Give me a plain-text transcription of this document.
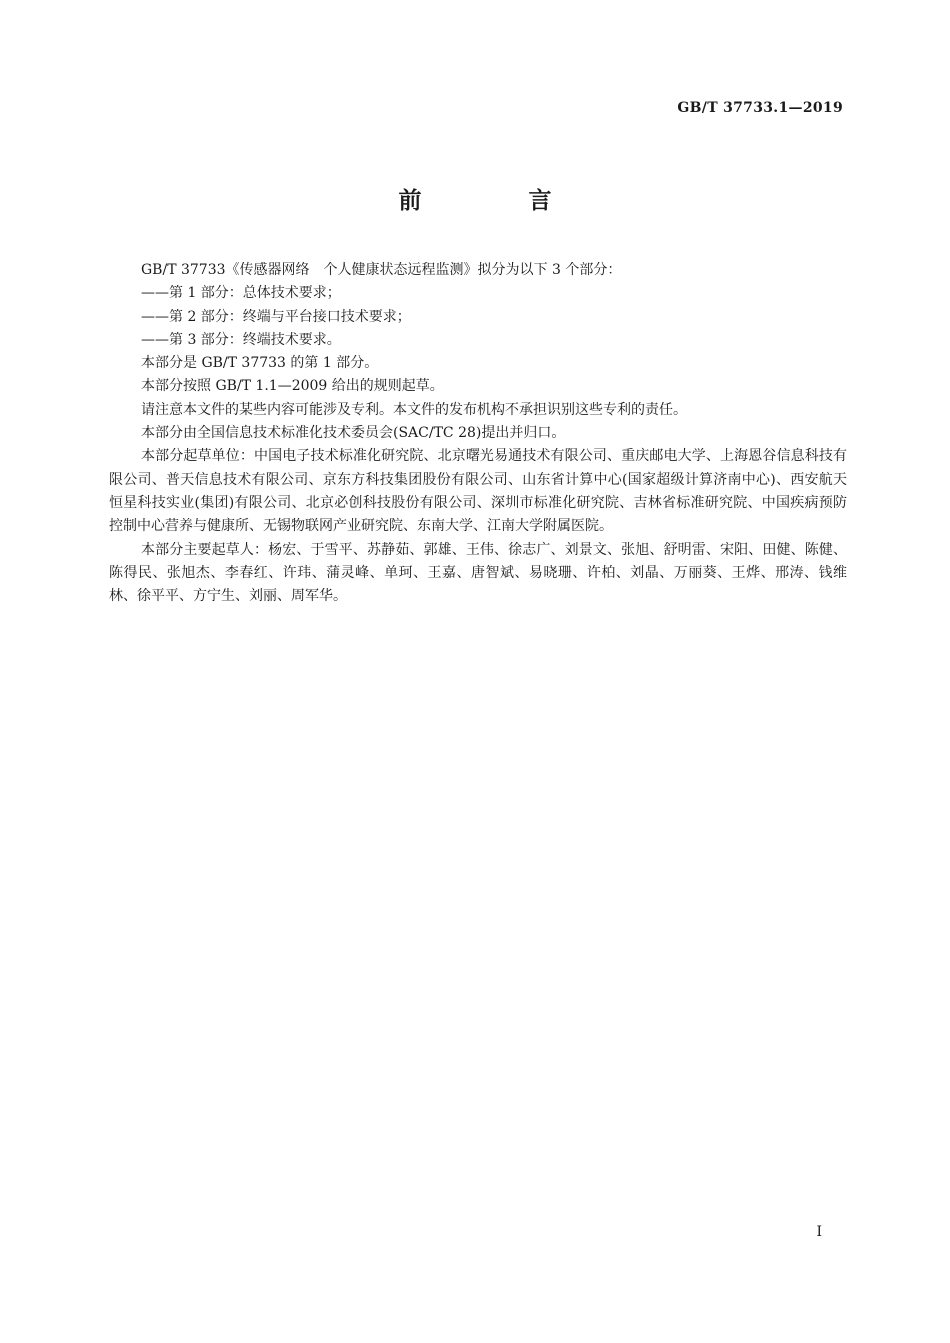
GB/T 37733.1—2019
前　言

GB/T 37733《传感器网络　个人健康状态远程监测》拟分为以下 3 个部分：

——第 1 部分：总体技术要求；

——第 2 部分：终端与平台接口技术要求；

——第 3 部分：终端技术要求。

本部分是 GB/T 37733 的第 1 部分。

本部分按照 GB/T 1.1—2009 给出的规则起草。

请注意本文件的某些内容可能涉及专利。本文件的发布机构不承担识别这些专利的责任。

本部分由全国信息技术标准化技术委员会(SAC/TC 28)提出并归口。

本部分起草单位：中国电子技术标准化研究院、北京曙光易通技术有限公司、重庆邮电大学、上海恩谷信息科技有限公司、普天信息技术有限公司、京东方科技集团股份有限公司、山东省计算中心(国家超级计算济南中心)、西安航天恒星科技实业(集团)有限公司、北京必创科技股份有限公司、深圳市标准化研究院、吉林省标准研究院、中国疾病预防控制中心营养与健康所、无锡物联网产业研究院、东南大学、江南大学附属医院。

本部分主要起草人：杨宏、于雪平、苏静茹、郭雄、王伟、徐志广、刘景文、张旭、舒明雷、宋阳、田健、陈健、陈得民、张旭杰、李春红、许玮、蒲灵峰、单珂、王嘉、唐智斌、易晓珊、许柏、刘晶、万丽葵、王烨、邢涛、钱维林、徐平平、方宁生、刘丽、周军华。

I
